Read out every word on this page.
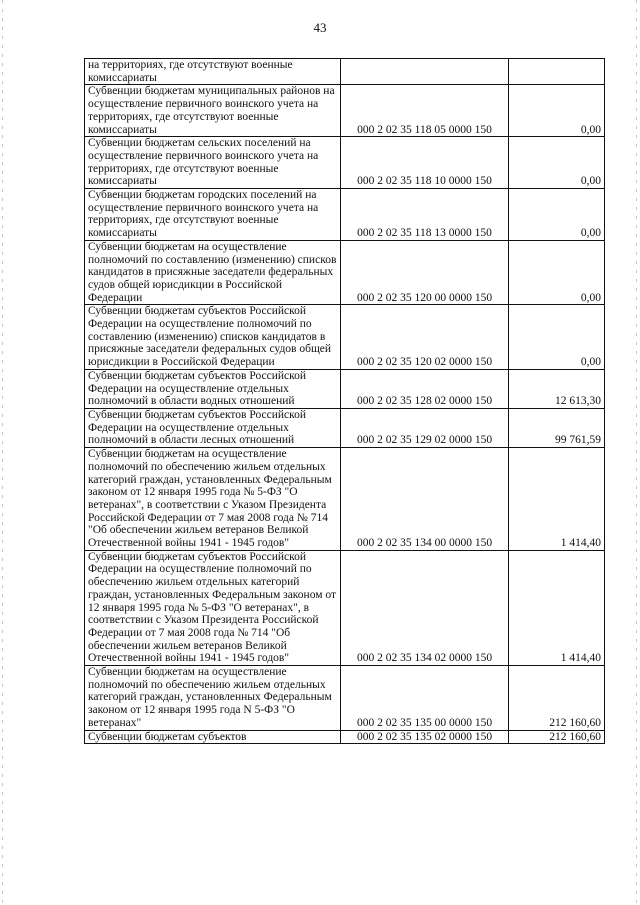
43
на территориях, где отсутствуют военные комиссариаты		
Субвенции бюджетам муниципальных районов на осуществление первичного воинского учета на территориях, где отсутствуют военные комиссариаты	000 2 02 35 118 05 0000 150	0,00
Субвенции бюджетам сельских поселений на осуществление первичного воинского учета на территориях, где отсутствуют военные комиссариаты	000 2 02 35 118 10 0000 150	0,00
Субвенции бюджетам городских поселений на осуществление первичного воинского учета на территориях, где отсутствуют военные комиссариаты	000 2 02 35 118 13 0000 150	0,00
Субвенции бюджетам на осуществление полномочий по составлению (изменению) списков кандидатов в присяжные заседатели федеральных судов общей юрисдикции в Российской Федерации	000 2 02 35 120 00 0000 150	0,00
Субвенции бюджетам субъектов Российской Федерации на осуществление полномочий по составлению (изменению) списков кандидатов в присяжные заседатели федеральных судов общей юрисдикции в Российской Федерации	000 2 02 35 120 02 0000 150	0,00
Субвенции бюджетам субъектов Российской Федерации на осуществление отдельных полномочий в области водных отношений	000 2 02 35 128 02 0000 150	12 613,30
Субвенции бюджетам субъектов Российской Федерации на осуществление отдельных полномочий в области лесных отношений	000 2 02 35 129 02 0000 150	99 761,59
Субвенции бюджетам на осуществление полномочий по обеспечению жильем отдельных категорий граждан, установленных Федеральным законом от 12 января 1995 года № 5-ФЗ "О ветеранах", в соответствии с Указом Президента Российской Федерации от 7 мая 2008 года № 714 "Об обеспечении жильем ветеранов Великой Отечественной войны 1941 - 1945 годов"	000 2 02 35 134 00 0000 150	1 414,40
Субвенции бюджетам субъектов Российской Федерации на осуществление полномочий по обеспечению жильем отдельных категорий граждан, установленных Федеральным законом от 12 января 1995 года № 5-ФЗ "О ветеранах", в соответствии с Указом Президента Российской Федерации от 7 мая 2008 года № 714 "Об обеспечении жильем ветеранов Великой Отечественной войны 1941 - 1945 годов"	000 2 02 35 134 02 0000 150	1 414,40
Субвенции бюджетам на осуществление полномочий по обеспечению жильем отдельных категорий граждан, установленных Федеральным законом от 12 января 1995 года N 5-ФЗ "О ветеранах"	000 2 02 35 135 00 0000 150	212 160,60
Субвенции бюджетам субъектов	000 2 02 35 135 02 0000 150	212 160,60
